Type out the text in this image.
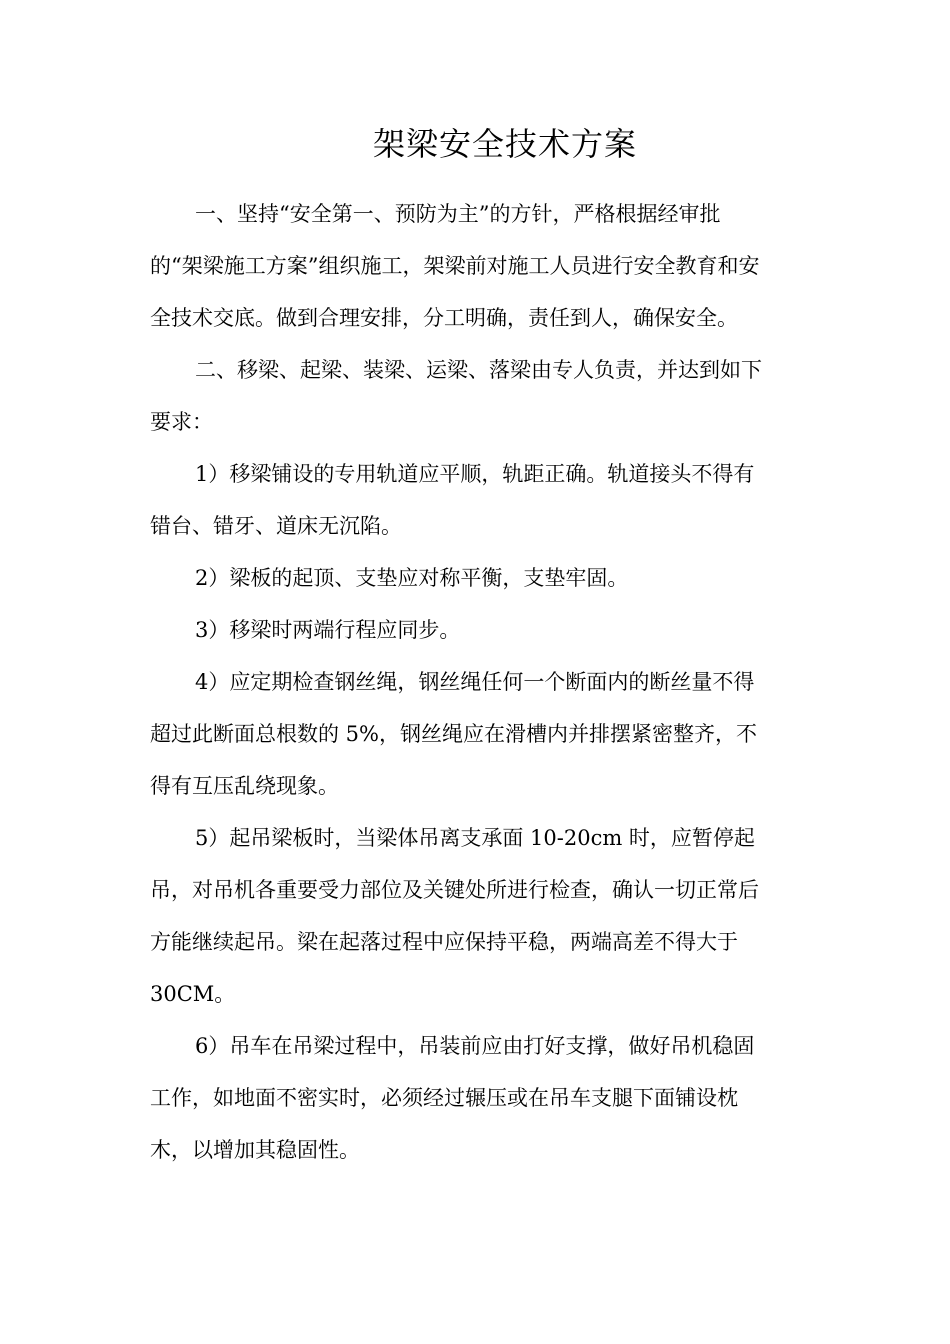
架梁安全技术方案
一、坚持“安全第一、预防为主”的方针，严格根据经审批
的“架梁施工方案”组织施工，架梁前对施工人员进行安全教育和安
全技术交底。做到合理安排，分工明确，责任到人，确保安全。
二、移梁、起梁、装梁、运梁、落梁由专人负责，并达到如下
要求：
1）移梁铺设的专用轨道应平顺，轨距正确。轨道接头不得有
错台、错牙、道床无沉陷。
2）梁板的起顶、支垫应对称平衡，支垫牢固。
3）移梁时两端行程应同步。
4）应定期检查钢丝绳，钢丝绳任何一个断面内的断丝量不得
超过此断面总根数的 5%，钢丝绳应在滑槽内并排摆紧密整齐，不
得有互压乱绕现象。
5）起吊梁板时，当梁体吊离支承面 10-20cm 时，应暂停起
吊，对吊机各重要受力部位及关键处所进行检查，确认一切正常后
方能继续起吊。梁在起落过程中应保持平稳，两端高差不得大于
30CM。
6）吊车在吊梁过程中，吊装前应由打好支撑，做好吊机稳固
工作，如地面不密实时，必须经过辗压或在吊车支腿下面铺设枕
木，以增加其稳固性。
